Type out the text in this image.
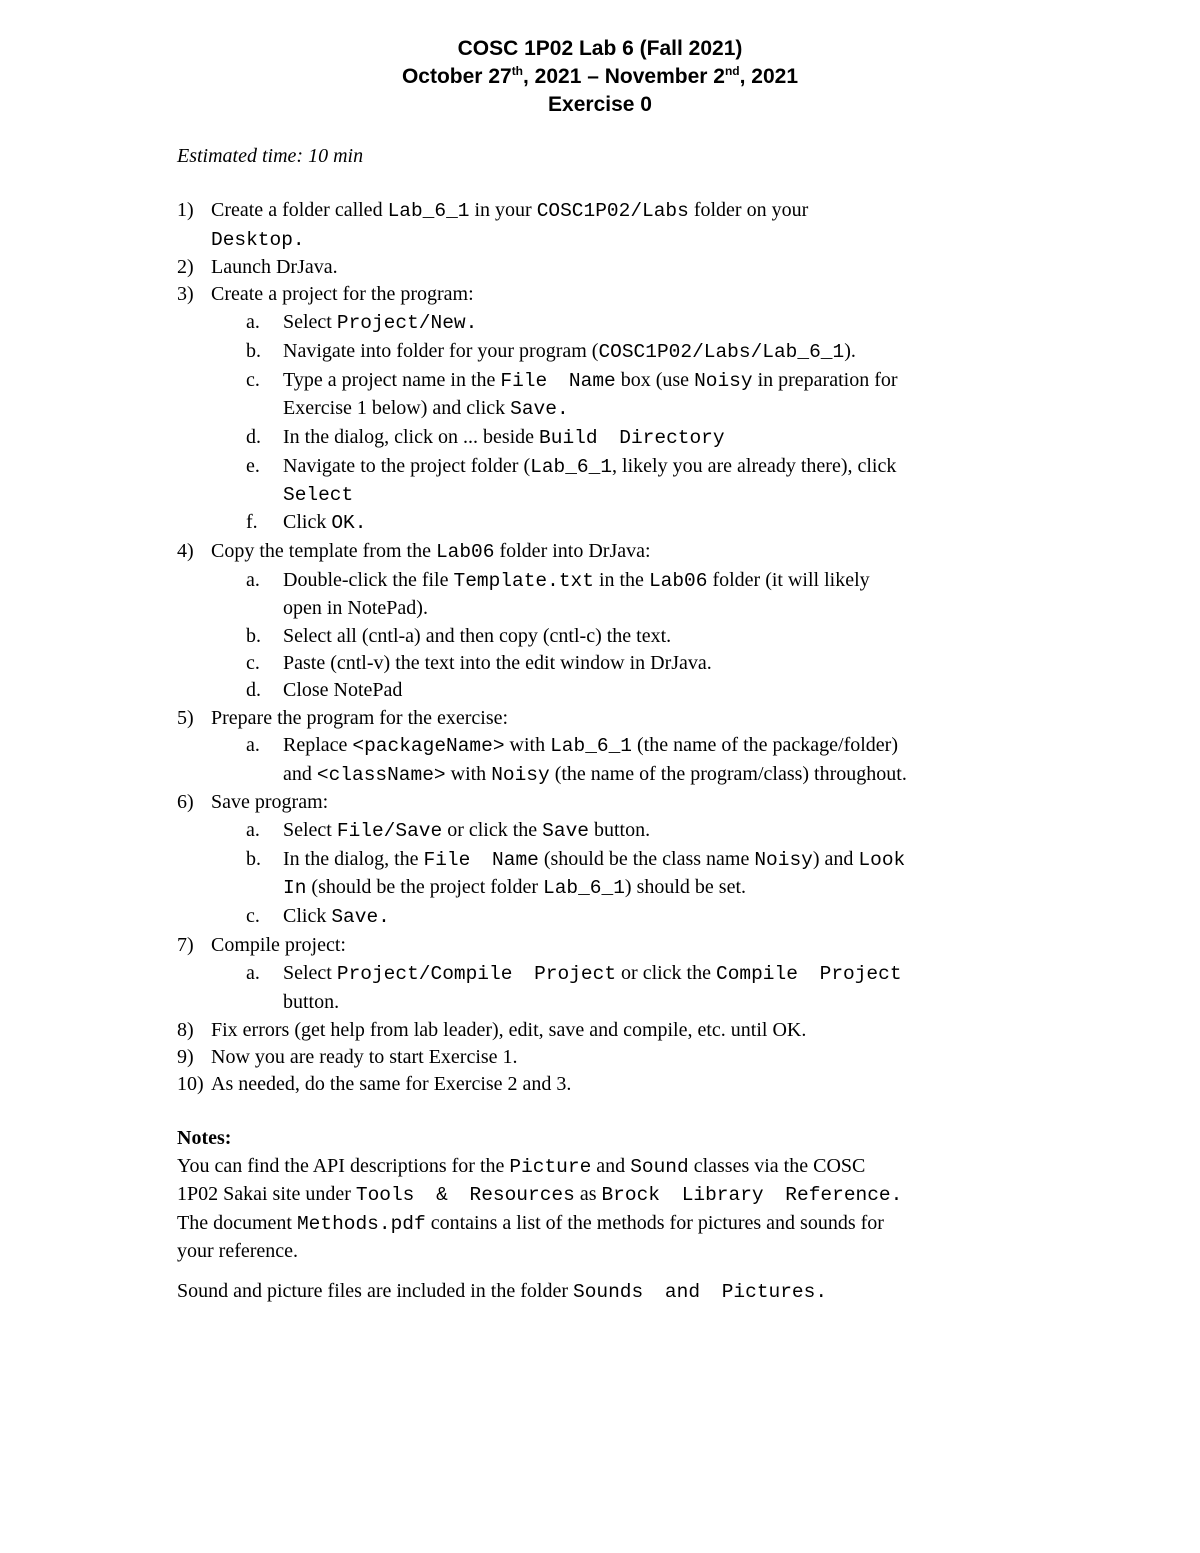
COSC 1P02 Lab 6 (Fall 2021)
October 27th, 2021 – November 2nd, 2021
Exercise 0
Estimated time: 10 min
1) Create a folder called Lab_6_1 in your COSC1P02/Labs folder on your
Desktop.
2) Launch DrJava.
3) Create a project for the program:
a. Select Project/New.
b. Navigate into folder for your program (COSC1P02/Labs/Lab_6_1).
c. Type a project name in the File Name box (use Noisy in preparation for
Exercise 1 below) and click Save.
d. In the dialog, click on ... beside Build Directory
e. Navigate to the project folder (Lab_6_1, likely you are already there), click
Select
f. Click OK.
4) Copy the template from the Lab06 folder into DrJava:
a. Double-click the file Template.txt in the Lab06 folder (it will likely
open in NotePad).
b. Select all (cntl-a) and then copy (cntl-c) the text.
c. Paste (cntl-v) the text into the edit window in DrJava.
d. Close NotePad
5) Prepare the program for the exercise:
a. Replace <packageName> with Lab_6_1 (the name of the package/folder)
and <className> with Noisy (the name of the program/class) throughout.
6) Save program:
a. Select File/Save or click the Save button.
b. In the dialog, the File Name (should be the class name Noisy) and Look
In (should be the project folder Lab_6_1) should be set.
c. Click Save.
7) Compile project:
a. Select Project/Compile Project or click the Compile Project
button.
8) Fix errors (get help from lab leader), edit, save and compile, etc. until OK.
9) Now you are ready to start Exercise 1.
10) As needed, do the same for Exercise 2 and 3.
Notes:
You can find the API descriptions for the Picture and Sound classes via the COSC
1P02 Sakai site under Tools & Resources as Brock Library Reference.
The document Methods.pdf contains a list of the methods for pictures and sounds for
your reference.
Sound and picture files are included in the folder Sounds and Pictures.
